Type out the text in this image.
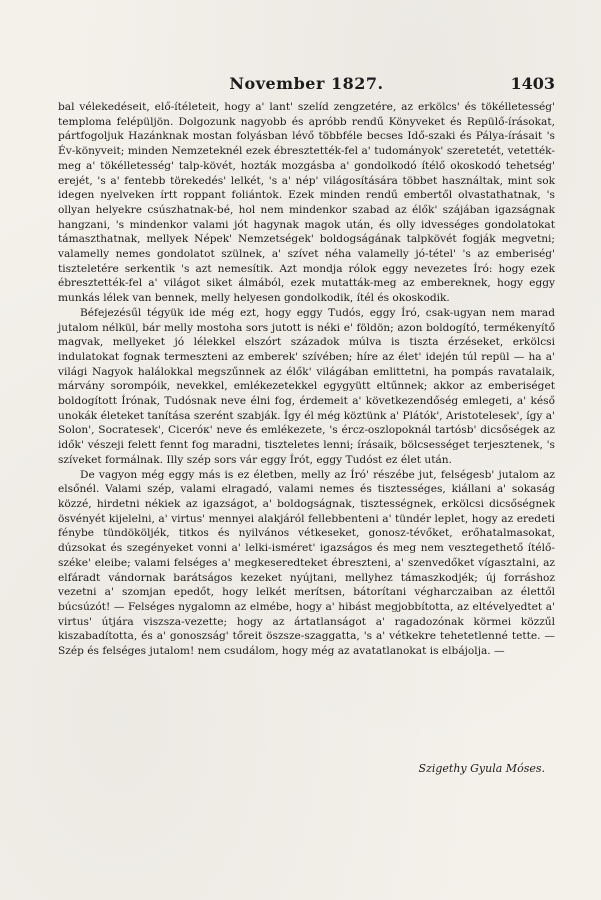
November 1827.	1403

bal vélekedéseit, elő-ítéleteit, hogy a' lant' szelíd zengzetére, az erkölcs' és tökélletesség' temploma felépüljön. Dolgozunk nagyobb és apróbb rendű Könyveket és Repülő-írásokat, pártfogoljuk Hazánknak mostan folyásban lévő többféle becses Idő-szaki és Pálya-írásait 's Év-könyveit; minden Nemzeteknél ezek ébresztették-fel a' tudományok' szeretetét, vetették-meg a' tökélletesség' talp-kövét, hozták mozgásba a' gondolkodó ítélő okoskodó tehetség' erejét, 's a' fentebb törekedés' lelkét, 's a' nép' világosítására többet használtak, mint sok idegen nyelveken írtt roppant foliántok. Ezek minden rendű embertől olvastathatnak, 's ollyan helyekre csúszhatnak-bé, hol nem mindenkor szabad az élők' szájában igazságnak hangzani, 's mindenkor valami jót hagynak magok után, és olly idvességes gondolatokat támaszthatnak, mellyek Népek' Nemzetségek' boldogságának talpkövét fogják megvetni; valamelly nemes gondolatot szülnek, a' szívet néha valamelly jó-tétel' 's az emberiség' tiszteletére serkentik 's azt nemesítik. Azt mondja rólok eggy nevezetes Író: hogy ezek ébresztették-fel a' világot siket álmából, ezek mutatták-meg az embereknek, hogy eggy munkás lélek van bennek, melly helyesen gondolkodik, ítél és okoskodik.

Béfejezésűl tégyük ide még ezt, hogy eggy Tudós, eggy Író, csak-ugyan nem marad jutalom nélkül, bár melly mostoha sors jutott is néki e' földön; azon boldogító, termékenyítő magvak, mellyeket jó lélekkel elszórt századok múlva is tiszta érzéseket, erkölcsi indulatokat fognak termeszteni az emberek' szívében; híre az élet' idején túl repül — ha a' világi Nagyok halálokkal megszűnnek az élők' világában emlittetni, ha pompás ravatalaik, márvány sorompóik, nevekkel, emlékezetekkel egygyütt eltűnnek; akkor az emberiséget boldogított Írónak, Tudósnak neve élni fog, érdemeit a' következendőség emlegeti, a' késő unokák életeket tanítása szerént szabják. Így él még köztünk a' Plátók', Aristotelesek', így a' Solon', Socratesek', Ciceróк' neve és emlékezete, 's ércz-oszlopoknál tartósb' dicsőségek az idők' vészeji felett fennt fog maradni, tiszteletes lenni; írásaik, bölcsességet terjesztenek, 's szíveket formálnak. Illy szép sors vár eggy Írót, eggy Tudóst ez élet után.

De vagyon még eggy más is ez életben, melly az Író' részébe jut, felségesb' jutalom az elsőnél. Valami szép, valami elragadó, valami nemes és tisztességes, kiállani a' sokaság közzé, hirdetni nékiek az igazságot, a' boldogságnak, tisztességnek, erkölcsi dicsőségnek ösvényét kijelelni, a' virtus' mennyei alakjáról fellebbenteni a' tündér leplet, hogy az eredeti fénybe tündököljék, titkos és nyilvános vétkeseket, gonosz-tévőket, erőhatalmasokat, dúzsokat és szegényeket vonni a' lelki-isméret' igazságos és meg nem vesztegethető ítélő-széke' eleibe; valami felséges a' megkeseredteket ébreszteni, a' szenvedőket vígasztalni, az elfáradt vándornak barátságos kezeket nyújtani, mellyhez támaszkodjék; új forráshoz vezetni a' szomjan epedőt, hogy lelkét merítsen, bátorítani végharczaiban az élettől búcsúzót! — Felséges nygalomn az elmébe, hogy a' hibást megjobbította, az eltévelyedtet a' virtus' útjára viszsza-vezette; hogy az ártatlanságot a' ragadozónak körmei közzűl kiszabadította, és a' gonoszság' tőreit öszsze-szaggatta, 's a' vétkekre tehetetlenné tette. — Szép és felséges jutalom! nem csudálom, hogy még az avatatlanokat is elbájolja. —

Szigethy Gyula Móses.
